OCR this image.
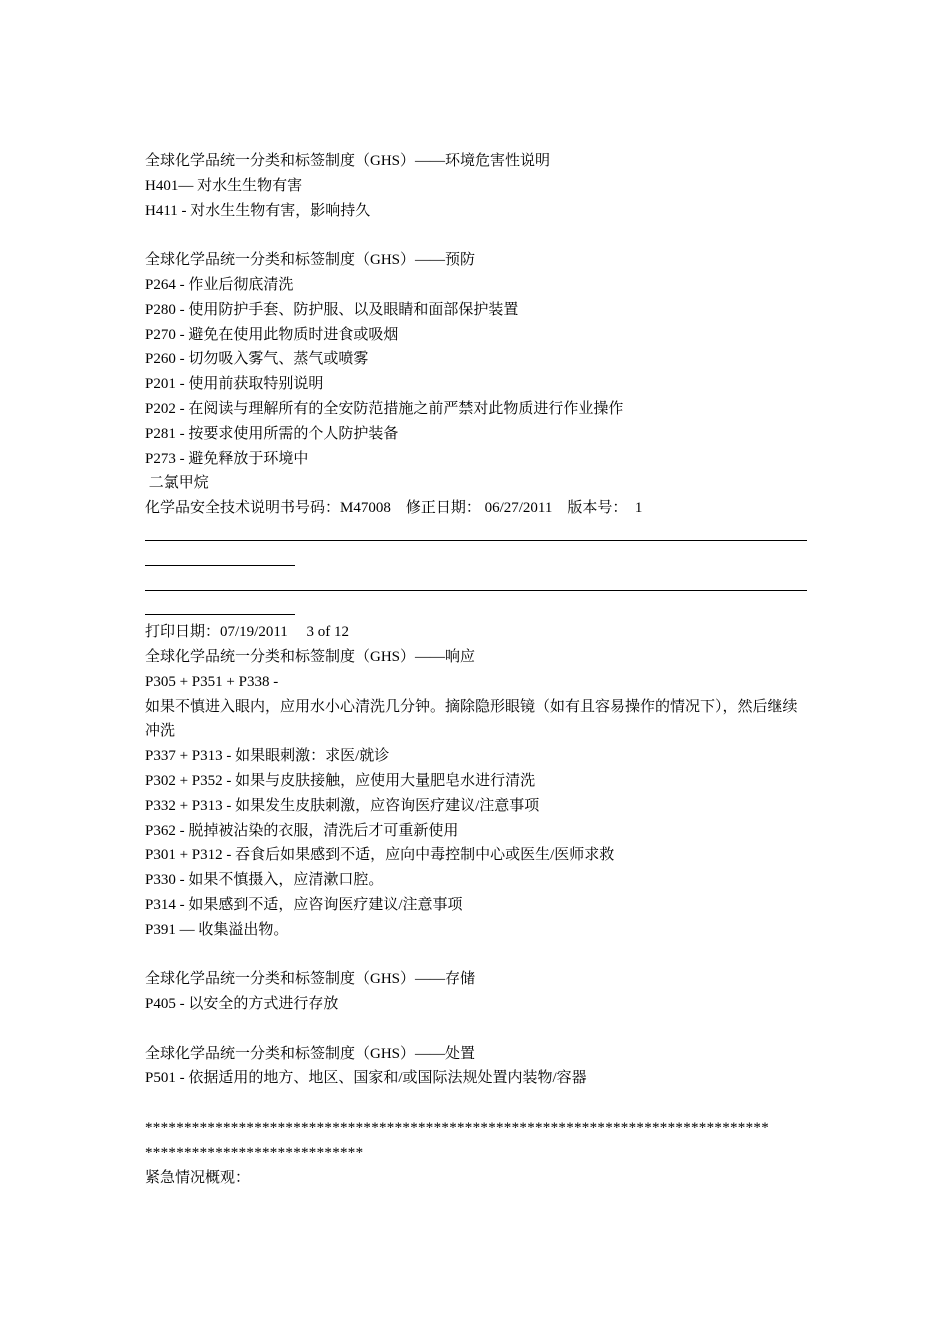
全球化学品统一分类和标签制度（GHS）——环境危害性说明
H401— 对水生生物有害
H411 - 对水生生物有害，影响持久
全球化学品统一分类和标签制度（GHS）——预防
P264 - 作业后彻底清洗
P280 - 使用防护手套、防护服、以及眼睛和面部保护装置
P270 - 避免在使用此物质时进食或吸烟
P260 - 切勿吸入雾气、蒸气或喷雾
P201 - 使用前获取特别说明
P202 - 在阅读与理解所有的全安防范措施之前严禁对此物质进行作业操作
P281 - 按要求使用所需的个人防护装备
P273 - 避免释放于环境中
二氯甲烷
化学品安全技术说明书号码：M47008 修正日期： 06/27/2011 版本号：  1
打印日期：07/19/2011 3 of 12
全球化学品统一分类和标签制度（GHS）——响应
P305 + P351 + P338 -
如果不慎进入眼内，应用水小心清洗几分钟。摘除隐形眼镜（如有且容易操作的情况下），然后继续冲洗
P337 + P313 - 如果眼刺激：求医/就诊
P302 + P352 - 如果与皮肤接触，应使用大量肥皂水进行清洗
P332 + P313 - 如果发生皮肤刺激，应咨询医疗建议/注意事项
P362 - 脱掉被沾染的衣服，清洗后才可重新使用
P301 + P312 - 吞食后如果感到不适，应向中毒控制中心或医生/医师求救
P330 - 如果不慎摄入，应清漱口腔。
P314 - 如果感到不适，应咨询医疗建议/注意事项
P391 — 收集溢出物。
全球化学品统一分类和标签制度（GHS）——存储
P405 - 以安全的方式进行存放
全球化学品统一分类和标签制度（GHS）——处置
P501 - 依据适用的地方、地区、国家和/或国际法规处置内装物/容器
********************************************************************************
****************************
紧急情况概观：
